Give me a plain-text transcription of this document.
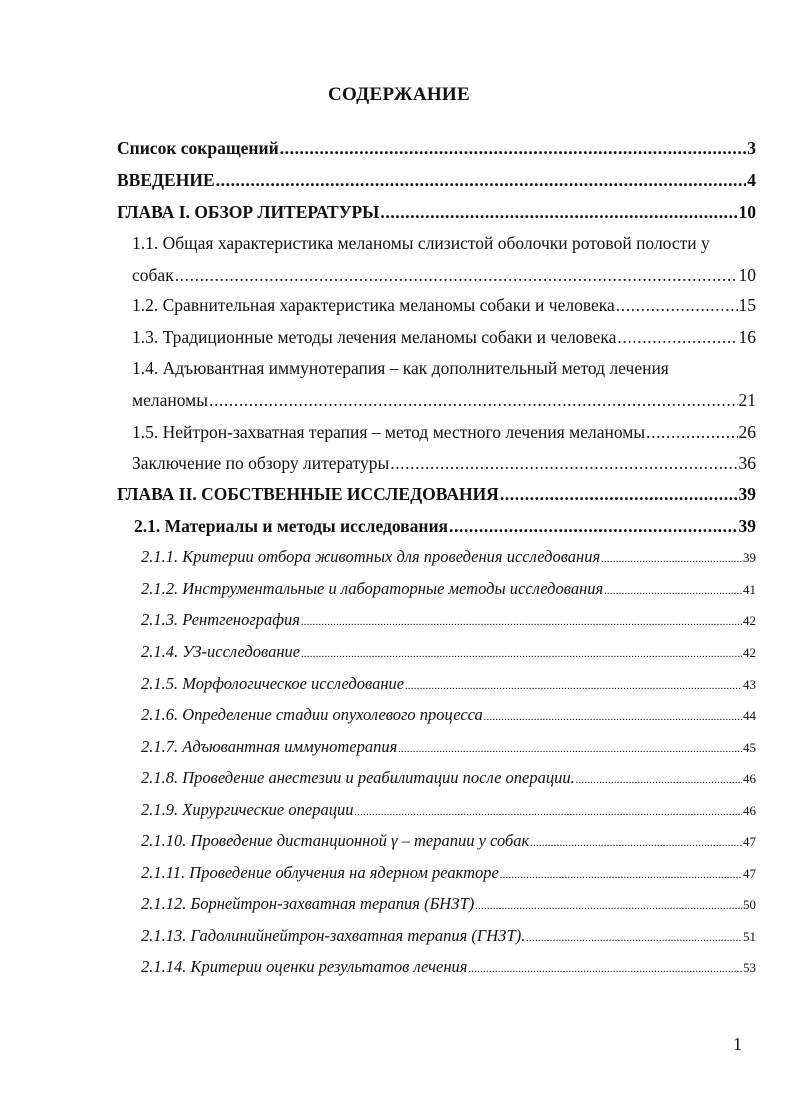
СОДЕРЖАНИЕ
Список сокращений .....	3
ВВЕДЕНИЕ .....	4
ГЛАВА I. ОБЗОР ЛИТЕРАТУРЫ .....	10
1.1. Общая характеристика меланомы слизистой оболочки ротовой полости у
собак .....	10
1.2. Сравнительная характеристика меланомы собаки и человека .....	15
1.3. Традиционные методы лечения меланомы собаки и человека .....	16
1.4. Адъювантная иммунотерапия – как дополнительный метод лечения
меланомы .....	21
1.5. Нейтрон-захватная терапия – метод местного лечения меланомы .....	26
Заключение по обзору литературы .....	36
ГЛАВА II. СОБСТВЕННЫЕ ИССЛЕДОВАНИЯ .....	39
2.1. Материалы и методы исследования .....	39
2.1.1. Критерии отбора животных для проведения исследования .....	39
2.1.2. Инструментальные и лабораторные методы исследования .....	41
2.1.3. Рентгенография .....	42
2.1.4. УЗ-исследование .....	42
2.1.5. Морфологическое исследование .....	43
2.1.6. Определение стадии опухолевого процесса .....	44
2.1.7. Адъювантная иммунотерапия .....	45
2.1.8. Проведение анестезии и реабилитации после операции. .....	46
2.1.9. Хирургические операции .....	46
2.1.10. Проведение дистанционной γ – терапии у собак .....	47
2.1.11. Проведение облучения на ядерном реакторе .....	47
2.1.12. Борнейтрон-захватная терапия (БНЗТ) .....	50
2.1.13. Гадолинийнейтрон-захватная терапия (ГНЗТ). .....	51
2.1.14. Критерии оценки результатов лечения .....	53
1
